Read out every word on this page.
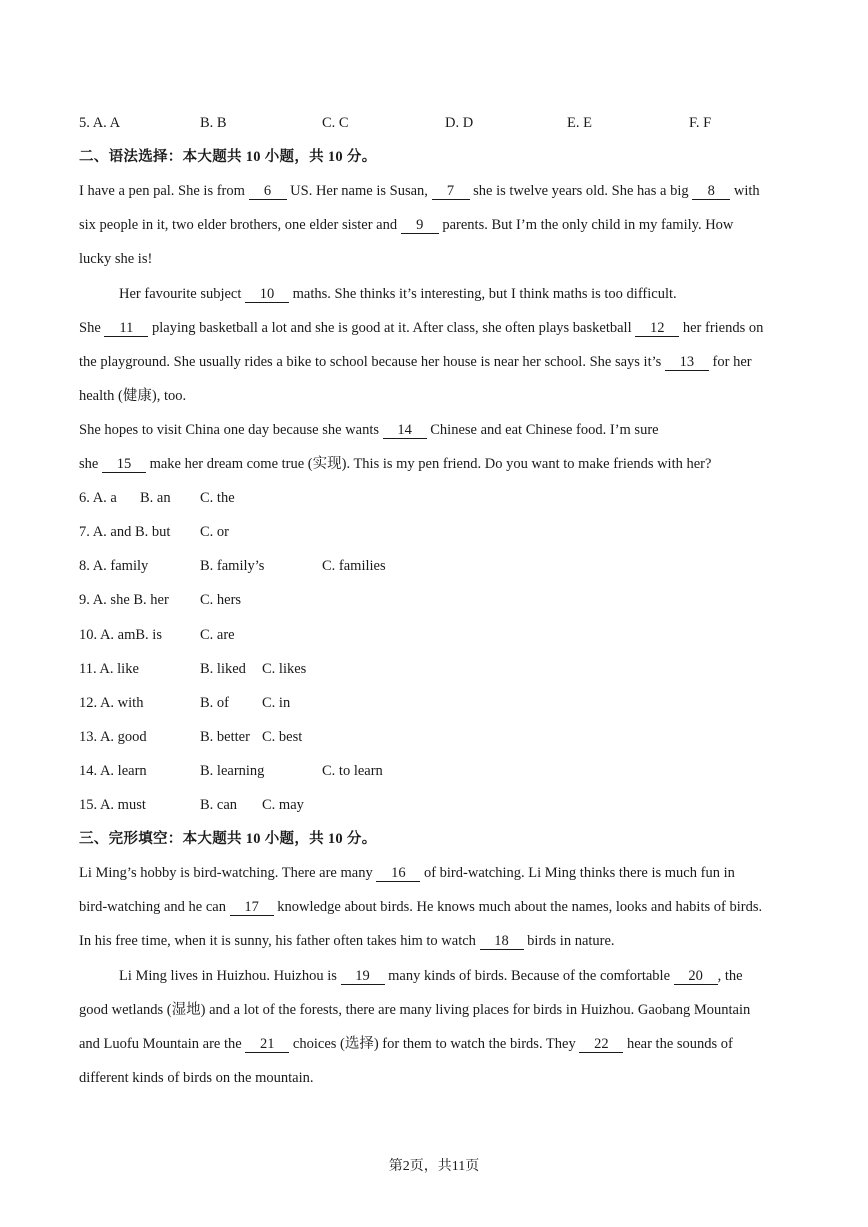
5. A. A	B. B	C. C	D. D	E. E	F. F
二、语法选择：本大题共 10 小题，共 10 分。
I have a pen pal. She is from 6 US. Her name is Susan, 7 she is twelve years old. She has a big 8 with
six people in it, two elder brothers, one elder sister and 9 parents. But I’m the only child in my family. How
lucky she is!
Her favourite subject 10 maths. She thinks it’s interesting, but I think maths is too difficult.
She 11 playing basketball a lot and she is good at it. After class, she often plays basketball 12 her friends on
the playground. She usually rides a bike to school because her house is near her school. She says it’s 13 for her
health (健康), too.
She hopes to visit China one day because she wants 14 Chinese and eat Chinese food. I’m sure
she 15 make her dream come true (实现). This is my pen friend. Do you want to make friends with her?
6. A. a B. an C. the
7. A. and B. but C. or
8. A. family	B. family’s	C. families
9. A. she B. her C. hers
10. A. amB. is	C. are
11. A. like	B. liked C. likes
12. A. with	B. of C. in
13. A. good	B. better C. best
14. A. learn	B. learning	C. to learn
15. A. must	B. can C. may
三、完形填空：本大题共 10 小题，共 10 分。
Li Ming’s hobby is bird-watching. There are many 16 of bird-watching. Li Ming thinks there is much fun in
bird-watching and he can 17 knowledge about birds. He knows much about the names, looks and habits of birds.
In his free time, when it is sunny, his father often takes him to watch 18 birds in nature.
Li Ming lives in Huizhou. Huizhou is 19 many kinds of birds. Because of the comfortable 20 , the
good wetlands (湿地) and a lot of the forests, there are many living places for birds in Huizhou. Gaobang Mountain
and Luofu Mountain are the 21 choices (选择) for them to watch the birds. They 22 hear the sounds of
different kinds of birds on the mountain.
第2页，共11页
